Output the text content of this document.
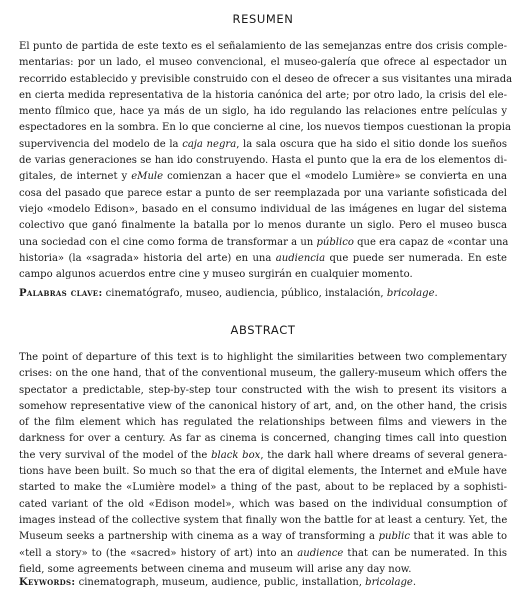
RESUMEN
El punto de partida de este texto es el señalamiento de las semejanzas entre dos crisis comple-
mentarias: por un lado, el museo convencional, el museo-galería que ofrece al espectador un
recorrido establecido y previsible construido con el deseo de ofrecer a sus visitantes una mirada
en cierta medida representativa de la historia canónica del arte; por otro lado, la crisis del ele-
mento fílmico que, hace ya más de un siglo, ha ido regulando las relaciones entre películas y
espectadores en la sombra. En lo que concierne al cine, los nuevos tiempos cuestionan la propia
supervivencia del modelo de la caja negra, la sala oscura que ha sido el sitio donde los sueños
de varias generaciones se han ido construyendo. Hasta el punto que la era de los elementos di-
gitales, de internet y eMule comienzan a hacer que el «modelo Lumière» se convierta en una
cosa del pasado que parece estar a punto de ser reemplazada por una variante sofisticada del
viejo «modelo Edison», basado en el consumo individual de las imágenes en lugar del sistema
colectivo que ganó finalmente la batalla por lo menos durante un siglo. Pero el museo busca
una sociedad con el cine como forma de transformar a un público que era capaz de «contar una
historia» (la «sagrada» historia del arte) en una audiencia que puede ser numerada. En este
campo algunos acuerdos entre cine y museo surgirán en cualquier momento.
Palabras clave: cinematógrafo, museo, audiencia, público, instalación, bricolage.
ABSTRACT
The point of departure of this text is to highlight the similarities between two complementary
crises: on the one hand, that of the conventional museum, the gallery-museum which offers the
spectator a predictable, step-by-step tour constructed with the wish to present its visitors a
somehow representative view of the canonical history of art, and, on the other hand, the crisis
of the film element which has regulated the relationships between films and viewers in the
darkness for over a century. As far as cinema is concerned, changing times call into question
the very survival of the model of the black box, the dark hall where dreams of several genera-
tions have been built. So much so that the era of digital elements, the Internet and eMule have
started to make the «Lumière model» a thing of the past, about to be replaced by a sophisti-
cated variant of the old «Edison model», which was based on the individual consumption of
images instead of the collective system that finally won the battle for at least a century. Yet, the
Museum seeks a partnership with cinema as a way of transforming a public that it was able to
«tell a story» to (the «sacred» history of art) into an audience that can be numerated. In this
field, some agreements between cinema and museum will arise any day now.
Keywords: cinematograph, museum, audience, public, installation, bricolage.
